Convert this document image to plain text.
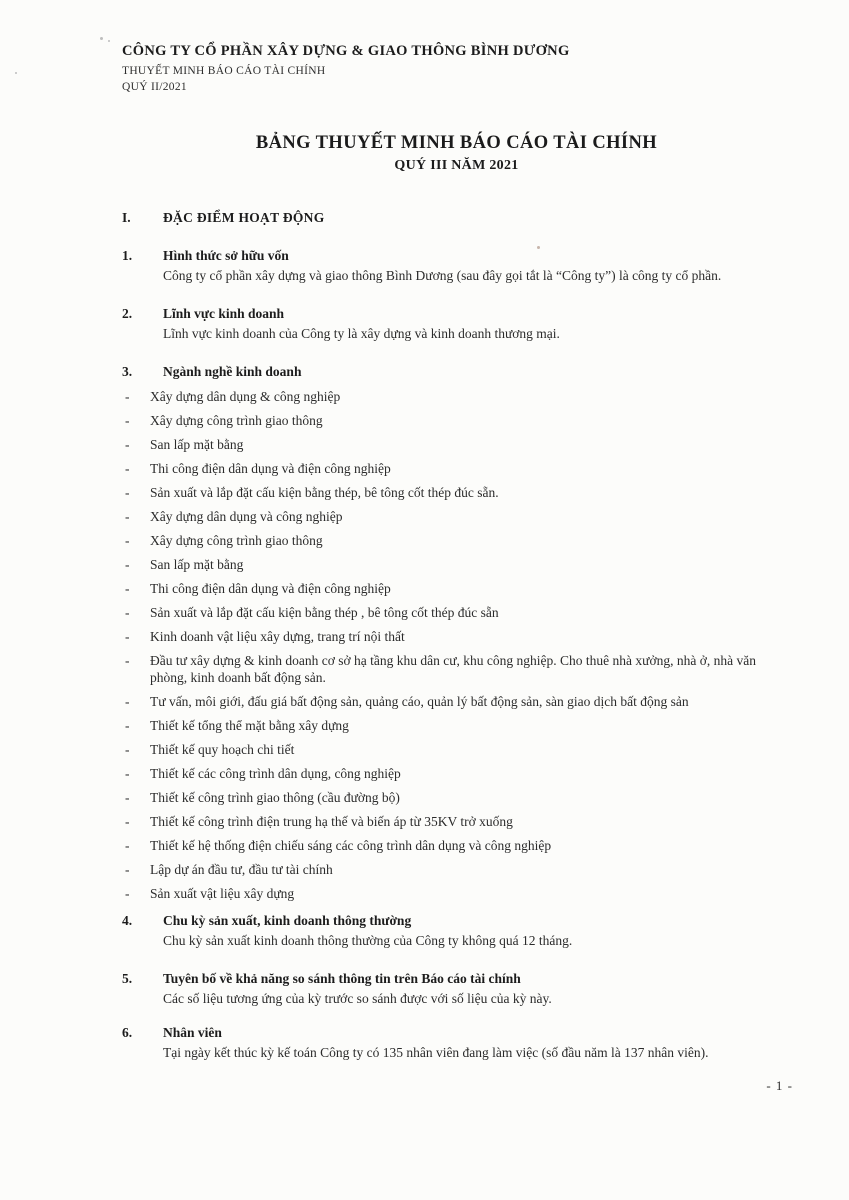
CÔNG TY CỔ PHẦN XÂY DỰNG & GIAO THÔNG BÌNH DƯƠNG
THUYẾT MINH BÁO CÁO TÀI CHÍNH
QUÝ II/2021
BẢNG THUYẾT MINH BÁO CÁO TÀI CHÍNH
QUÝ III NĂM 2021
I.	ĐẶC ĐIỂM HOẠT ĐỘNG
1.	Hình thức sở hữu vốn
Công ty cổ phần xây dựng và giao thông Bình Dương (sau đây gọi tắt là “Công ty”) là công ty cổ phần.
2.	Lĩnh vực kinh doanh
Lĩnh vực kinh doanh của Công ty là xây dựng và kinh doanh thương mại.
3.	Ngành nghề kinh doanh
- Xây dựng dân dụng & công nghiệp
- Xây dựng công trình giao thông
- San lấp mặt bằng
- Thi công điện dân dụng và điện công nghiệp
- Sản xuất và lắp đặt cấu kiện bằng thép, bê tông cốt thép đúc sẵn.
- Xây dựng dân dụng và công nghiệp
- Xây dựng công trình giao thông
- San lấp mặt bằng
- Thi công điện dân dụng và điện công nghiệp
- Sản xuất và lắp đặt cấu kiện bằng thép , bê tông cốt thép đúc sẵn
- Kinh doanh vật liệu xây dựng, trang trí nội thất
- Đầu tư xây dựng & kinh doanh cơ sở hạ tầng khu dân cư, khu công nghiệp. Cho thuê nhà xưởng, nhà ở, nhà văn phòng, kinh doanh bất động sản.
- Tư vấn, môi giới, đấu giá bất động sản, quảng cáo, quản lý bất động sản, sàn giao dịch bất động sản
- Thiết kế tổng thể mặt bằng xây dựng
- Thiết kế quy hoạch chi tiết
- Thiết kế các công trình dân dụng, công nghiệp
- Thiết kế công trình giao thông (cầu đường bộ)
- Thiết kế công trình điện trung hạ thế và biến áp từ 35KV trở xuống
- Thiết kế hệ thống điện chiếu sáng các công trình dân dụng và công nghiệp
- Lập dự án đầu tư, đầu tư tài chính
- Sản xuất vật liệu xây dựng
4.	Chu kỳ sản xuất, kinh doanh thông thường
Chu kỳ sản xuất kinh doanh thông thường của Công ty không quá 12 tháng.
5.	Tuyên bố về khả năng so sánh thông tin trên Báo cáo tài chính
Các số liệu tương ứng của kỳ trước so sánh được với số liệu của kỳ này.
6.	Nhân viên
Tại ngày kết thúc kỳ kế toán Công ty có 135 nhân viên đang làm việc (số đầu năm là 137 nhân viên).
- 1 -
